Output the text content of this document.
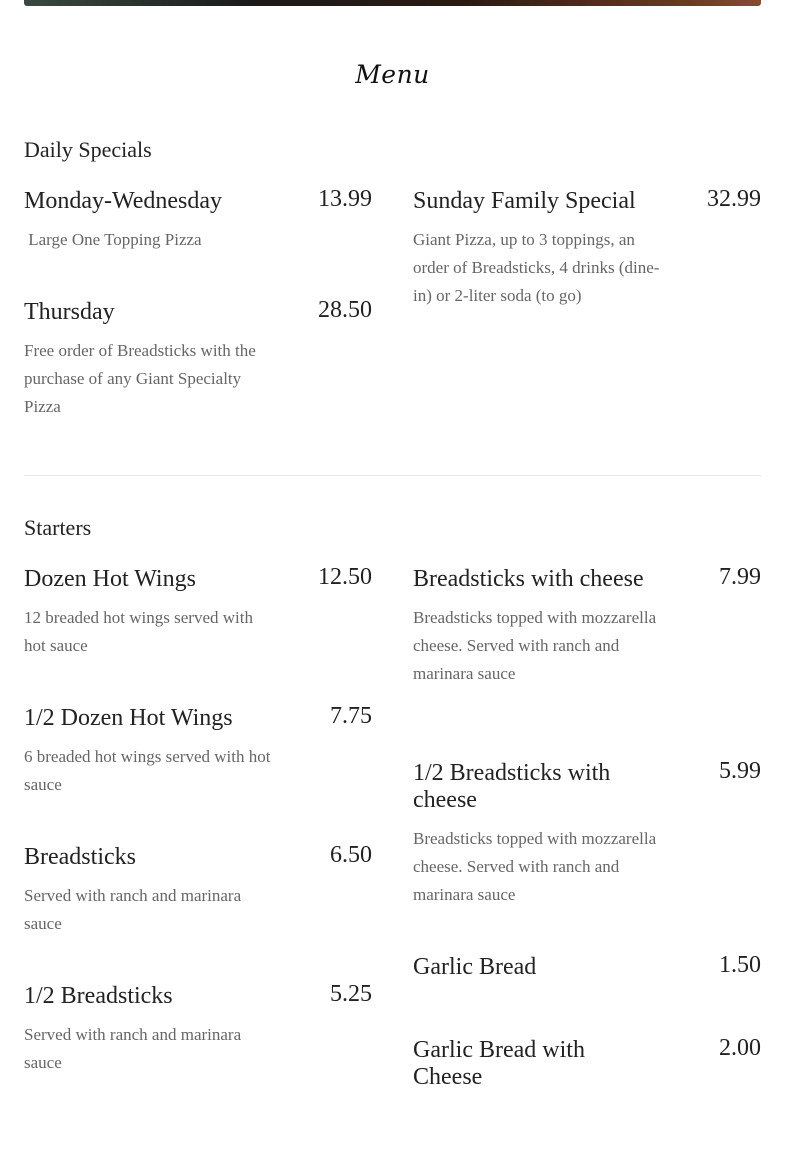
Menu
Daily Specials
Monday-Wednesday	13.99
Large One Topping Pizza
Thursday	28.50
Free order of Breadsticks with the purchase of any Giant Specialty Pizza
Sunday Family Special	32.99
Giant Pizza, up to 3 toppings, an order of Breadsticks, 4 drinks (dine-in) or 2-liter soda (to go)
Starters
Dozen Hot Wings	12.50
12 breaded hot wings served with hot sauce
1/2 Dozen Hot Wings	7.75
6 breaded hot wings served with hot sauce
Breadsticks	6.50
Served with ranch and marinara sauce
1/2 Breadsticks	5.25
Served with ranch and marinara sauce
Breadsticks with cheese	7.99
Breadsticks topped with mozzarella cheese. Served with ranch and marinara sauce
1/2 Breadsticks with cheese
5.99
Breadsticks topped with mozzarella cheese. Served with ranch and marinara sauce
Garlic Bread	1.50
Garlic Bread with Cheese
2.00
